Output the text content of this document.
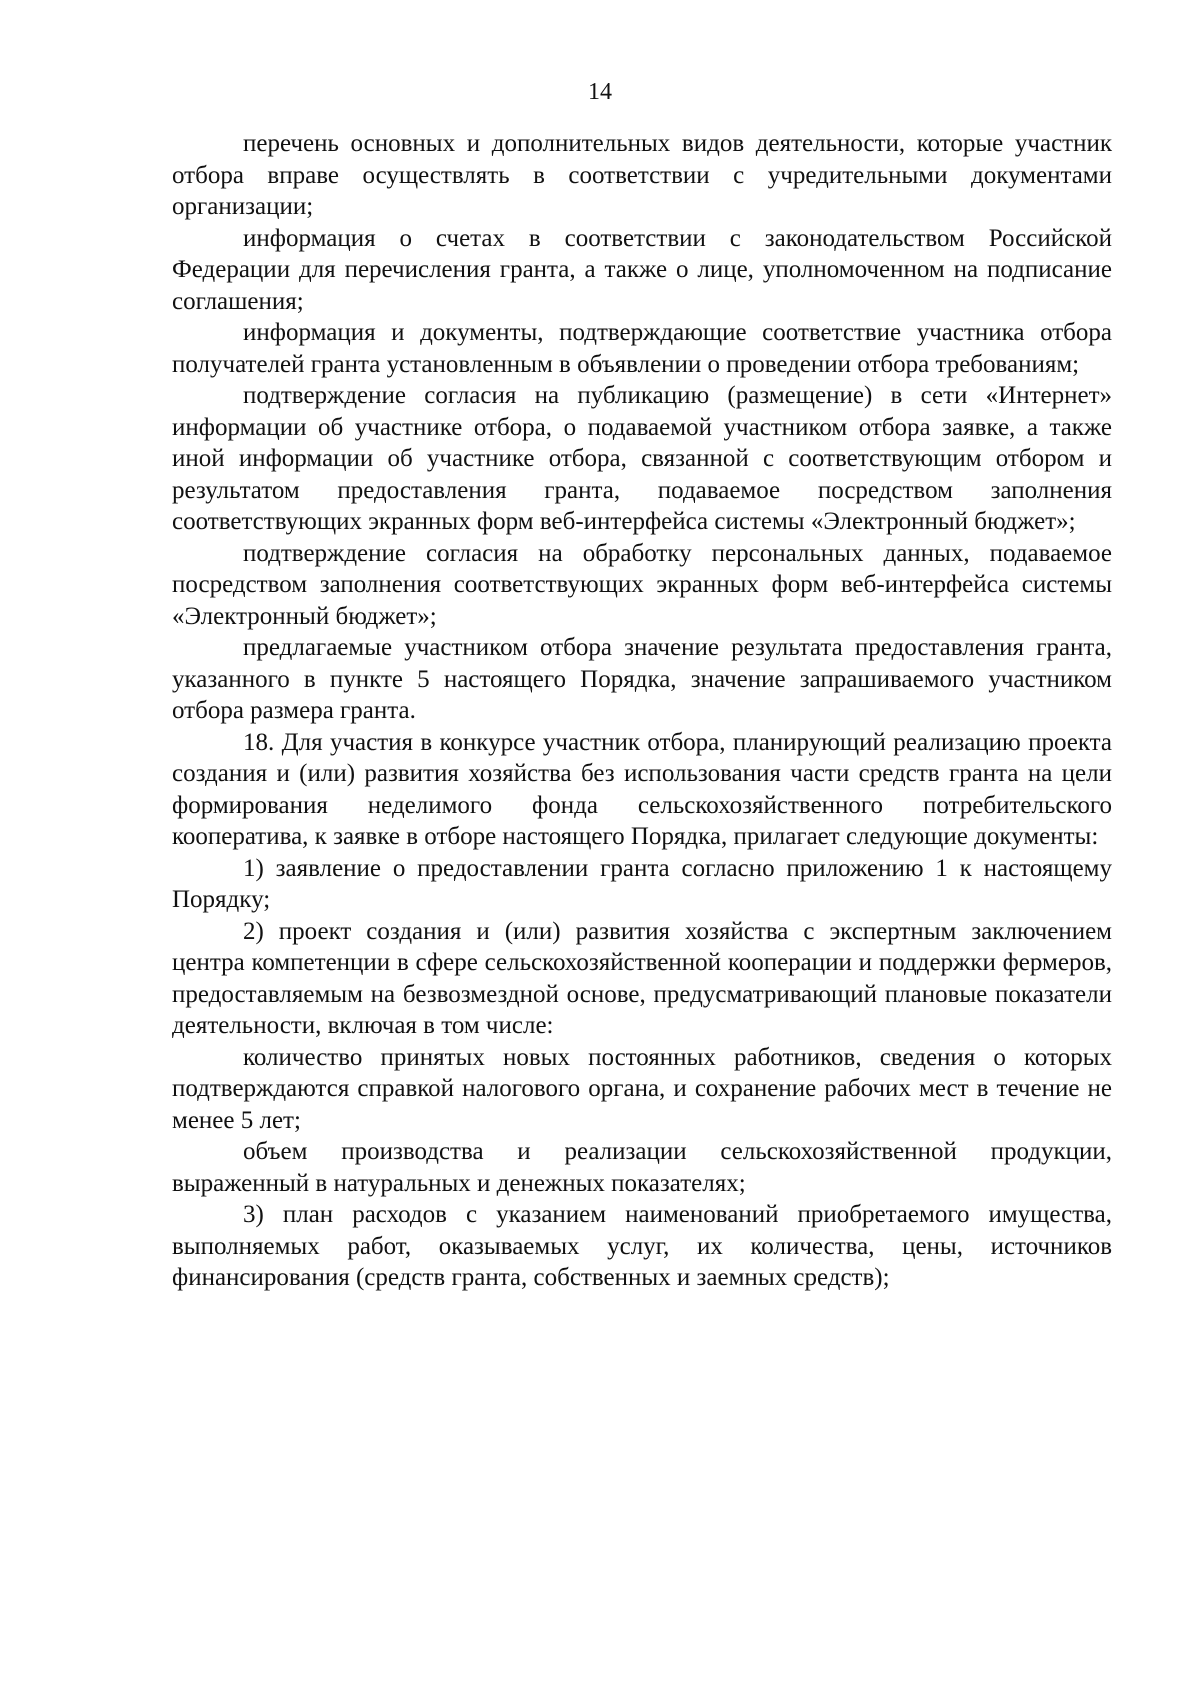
14

перечень основных и дополнительных видов деятельности, которые участник отбора вправе осуществлять в соответствии с учредительными документами организации;

информация о счетах в соответствии с законодательством Российской Федерации для перечисления гранта, а также о лице, уполномоченном на подписание соглашения;

информация и документы, подтверждающие соответствие участника отбора получателей гранта установленным в объявлении о проведении отбора требованиям;

подтверждение согласия на публикацию (размещение) в сети «Интернет» информации об участнике отбора, о подаваемой участником отбора заявке, а также иной информации об участнике отбора, связанной с соответствующим отбором и результатом предоставления гранта, подаваемое посредством заполнения соответствующих экранных форм веб-интерфейса системы «Электронный бюджет»;

подтверждение согласия на обработку персональных данных, подаваемое посредством заполнения соответствующих экранных форм веб-интерфейса системы «Электронный бюджет»;

предлагаемые участником отбора значение результата предоставления гранта, указанного в пункте 5 настоящего Порядка, значение запрашиваемого участником отбора размера гранта.

18. Для участия в конкурсе участник отбора, планирующий реализацию проекта создания и (или) развития хозяйства без использования части средств гранта на цели формирования неделимого фонда сельскохозяйственного потребительского кооператива, к заявке в отборе настоящего Порядка, прилагает следующие документы:

1) заявление о предоставлении гранта согласно приложению 1 к настоящему Порядку;

2) проект создания и (или) развития хозяйства с экспертным заключением центра компетенции в сфере сельскохозяйственной кооперации и поддержки фермеров, предоставляемым на безвозмездной основе, предусматривающий плановые показатели деятельности, включая в том числе:

количество принятых новых постоянных работников, сведения о которых подтверждаются справкой налогового органа, и сохранение рабочих мест в течение не менее 5 лет;

объем производства и реализации сельскохозяйственной продукции, выраженный в натуральных и денежных показателях;

3) план расходов с указанием наименований приобретаемого имущества, выполняемых работ, оказываемых услуг, их количества, цены, источников финансирования (средств гранта, собственных и заемных средств);
